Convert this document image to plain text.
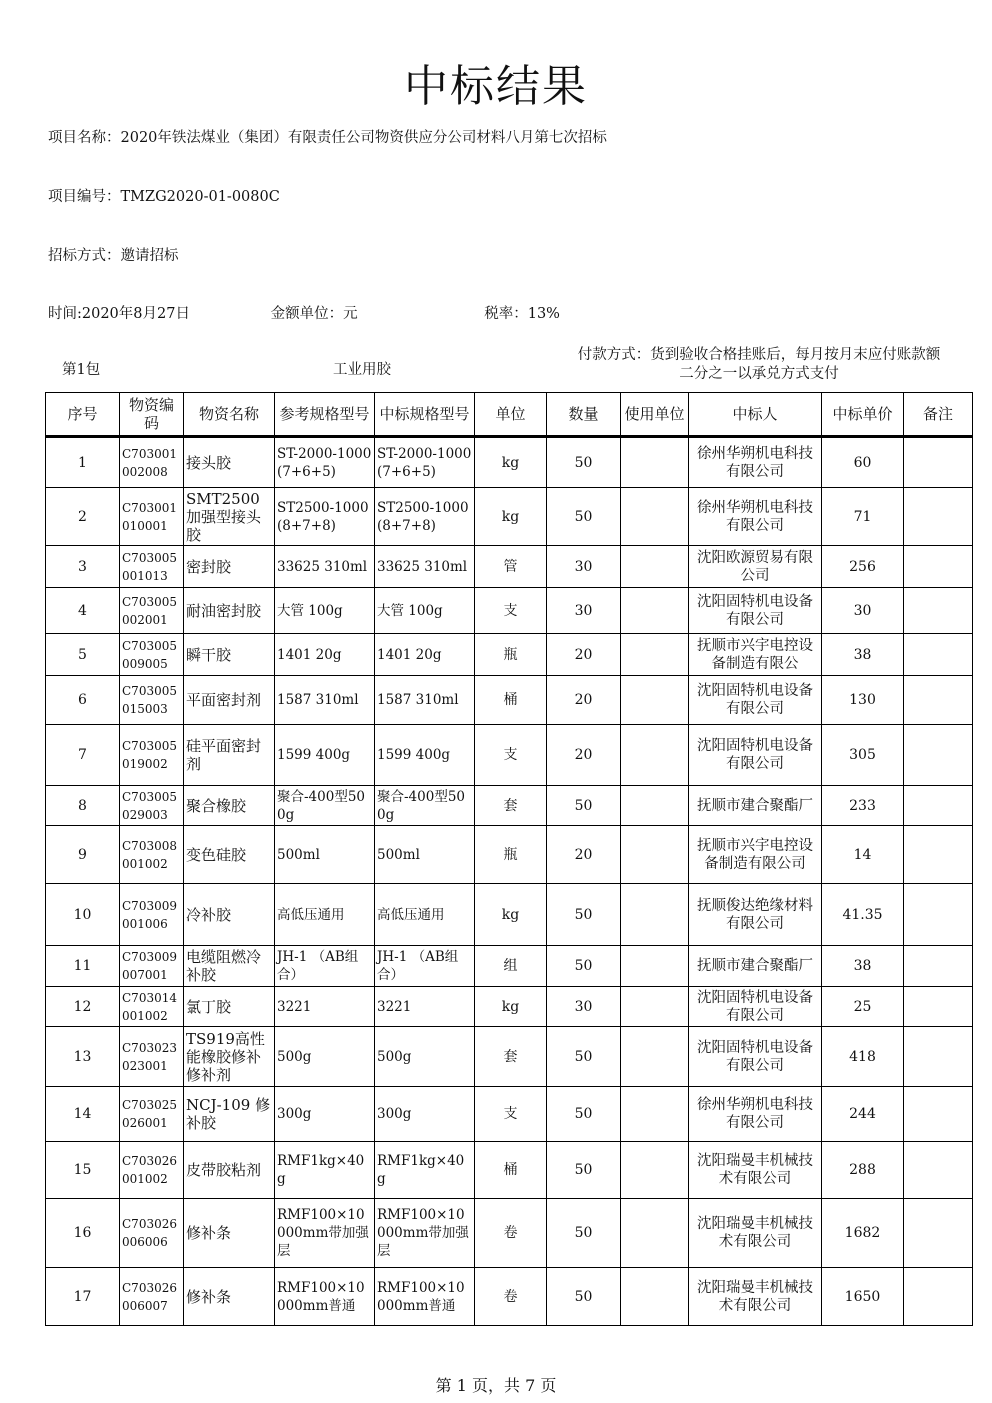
中标结果
项目名称：2020年铁法煤业（集团）有限责任公司物资供应分公司材料八月第七次招标
项目编号：TMZG2020-01-0080C
招标方式：邀请招标
时间:2020年8月27日	金额单位：元	税率：13%
第1包	工业用胶
付款方式：货到验收合格挂账后，每月按月末应付账款额
二分之一以承兑方式支付
序号	物资编码	物资名称	参考规格型号	中标规格型号	单位	数量	使用单位	中标人	中标单价	备注
1	C703001002008	接头胶	ST-2000-1000(7+6+5)	ST-2000-1000(7+6+5)	kg	50		徐州华朔机电科技有限公司	60	
2	C703001010001	SMT2500加强型接头胶	ST2500-1000(8+7+8)	ST2500-1000(8+7+8)	kg	50		徐州华朔机电科技有限公司	71	
3	C703005001013	密封胶	33625 310ml	33625 310ml	管	30		沈阳欧源贸易有限公司	256	
4	C703005002001	耐油密封胶	大管 100g	大管 100g	支	30		沈阳固特机电设备有限公司	30	
5	C703005009005	瞬干胶	1401 20g	1401 20g	瓶	20		抚顺市兴宇电控设备制造有限公	38	
6	C703005015003	平面密封剂	1587 310ml	1587 310ml	桶	20		沈阳固特机电设备有限公司	130	
7	C703005019002	硅平面密封剂	1599 400g	1599 400g	支	20		沈阳固特机电设备有限公司	305	
8	C703005029003	聚合橡胶	聚合-400型500g	聚合-400型500g	套	50		抚顺市建合聚酯厂	233	
9	C703008001002	变色硅胶	500ml	500ml	瓶	20		抚顺市兴宇电控设备制造有限公司	14	
10	C703009001006	冷补胶	高低压通用	高低压通用	kg	50		抚顺俊达绝缘材料有限公司	41.35	
11	C703009007001	电缆阻燃冷补胶	JH-1 （AB组合）	JH-1 （AB组合）	组	50		抚顺市建合聚酯厂	38	
12	C703014001002	氯丁胶	3221	3221	kg	30		沈阳固特机电设备有限公司	25	
13	C703023023001	TS919高性能橡胶修补修补剂	500g	500g	套	50		沈阳固特机电设备有限公司	418	
14	C703025026001	NCJ-109 修补胶	300g	300g	支	50		徐州华朔机电科技有限公司	244	
15	C703026001002	皮带胶粘剂	RMF1kg×40g	RMF1kg×40g	桶	50		沈阳瑞曼丰机械技术有限公司	288	
16	C703026006006	修补条	RMF100×10000mm带加强层	RMF100×10000mm带加强层	卷	50		沈阳瑞曼丰机械技术有限公司	1682	
17	C703026006007	修补条	RMF100×10000mm普通	RMF100×10000mm普通	卷	50		沈阳瑞曼丰机械技术有限公司	1650	
第 1 页，共 7 页
